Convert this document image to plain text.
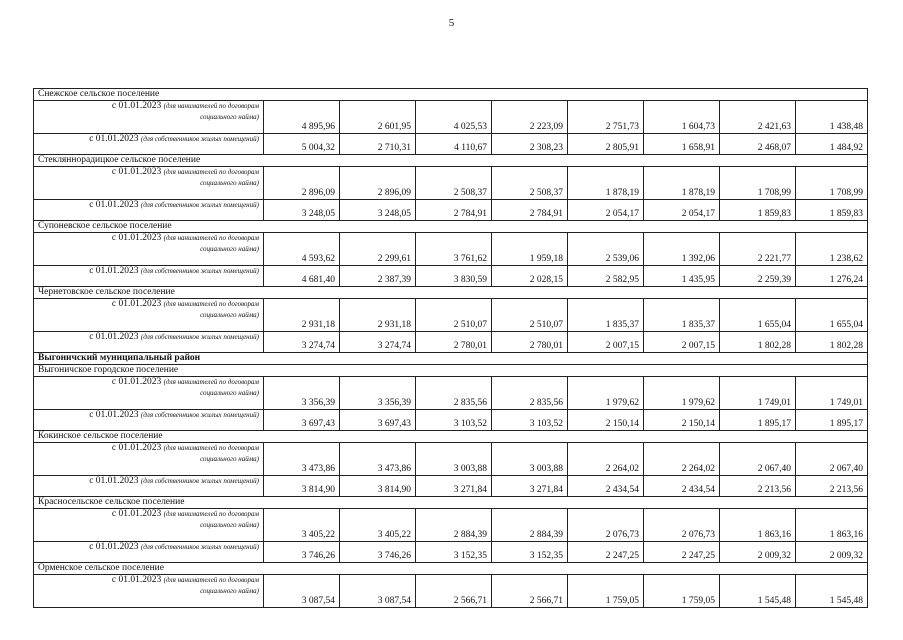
5
Снежское сельское поселение								
с 01.01.2023 (для нанимателей по договорам
социального найма)	4 895,96	2 601,95	4 025,53	2 223,09	2 751,73	1 604,73	2 421,63	1 438,48
с 01.01.2023 (для собственников жилых помещений)	5 004,32	2 710,31	4 110,67	2 308,23	2 805,91	1 658,91	2 468,07	1 484,92
Стекляннорадицкое сельское поселение								
с 01.01.2023 (для нанимателей по договорам
социального найма)	2 896,09	2 896,09	2 508,37	2 508,37	1 878,19	1 878,19	1 708,99	1 708,99
с 01.01.2023 (для собственников жилых помещений)	3 248,05	3 248,05	2 784,91	2 784,91	2 054,17	2 054,17	1 859,83	1 859,83
Супоневское сельское поселение								
с 01.01.2023 (для нанимателей по договорам
социального найма)	4 593,62	2 299,61	3 761,62	1 959,18	2 539,06	1 392,06	2 221,77	1 238,62
с 01.01.2023 (для собственников жилых помещений)	4 681,40	2 387,39	3 830,59	2 028,15	2 582,95	1 435,95	2 259,39	1 276,24
Чернетовское сельское поселение								
с 01.01.2023 (для нанимателей по договорам
социального найма)	2 931,18	2 931,18	2 510,07	2 510,07	1 835,37	1 835,37	1 655,04	1 655,04
с 01.01.2023 (для собственников жилых помещений)	3 274,74	3 274,74	2 780,01	2 780,01	2 007,15	2 007,15	1 802,28	1 802,28
Выгоничский муниципальный район								
Выгоничское городское поселение								
с 01.01.2023 (для нанимателей по договорам
социального найма)	3 356,39	3 356,39	2 835,56	2 835,56	1 979,62	1 979,62	1 749,01	1 749,01
с 01.01.2023 (для собственников жилых помещений)	3 697,43	3 697,43	3 103,52	3 103,52	2 150,14	2 150,14	1 895,17	1 895,17
Кокинское сельское поселение								
с 01.01.2023 (для нанимателей по договорам
социального найма)	3 473,86	3 473,86	3 003,88	3 003,88	2 264,02	2 264,02	2 067,40	2 067,40
с 01.01.2023 (для собственников жилых помещений)	3 814,90	3 814,90	3 271,84	3 271,84	2 434,54	2 434,54	2 213,56	2 213,56
Красносельское сельское поселение								
с 01.01.2023 (для нанимателей по договорам
социального найма)	3 405,22	3 405,22	2 884,39	2 884,39	2 076,73	2 076,73	1 863,16	1 863,16
с 01.01.2023 (для собственников жилых помещений)	3 746,26	3 746,26	3 152,35	3 152,35	2 247,25	2 247,25	2 009,32	2 009,32
Орменское сельское поселение								
с 01.01.2023 (для нанимателей по договорам
социального найма)	3 087,54	3 087,54	2 566,71	2 566,71	1 759,05	1 759,05	1 545,48	1 545,48
